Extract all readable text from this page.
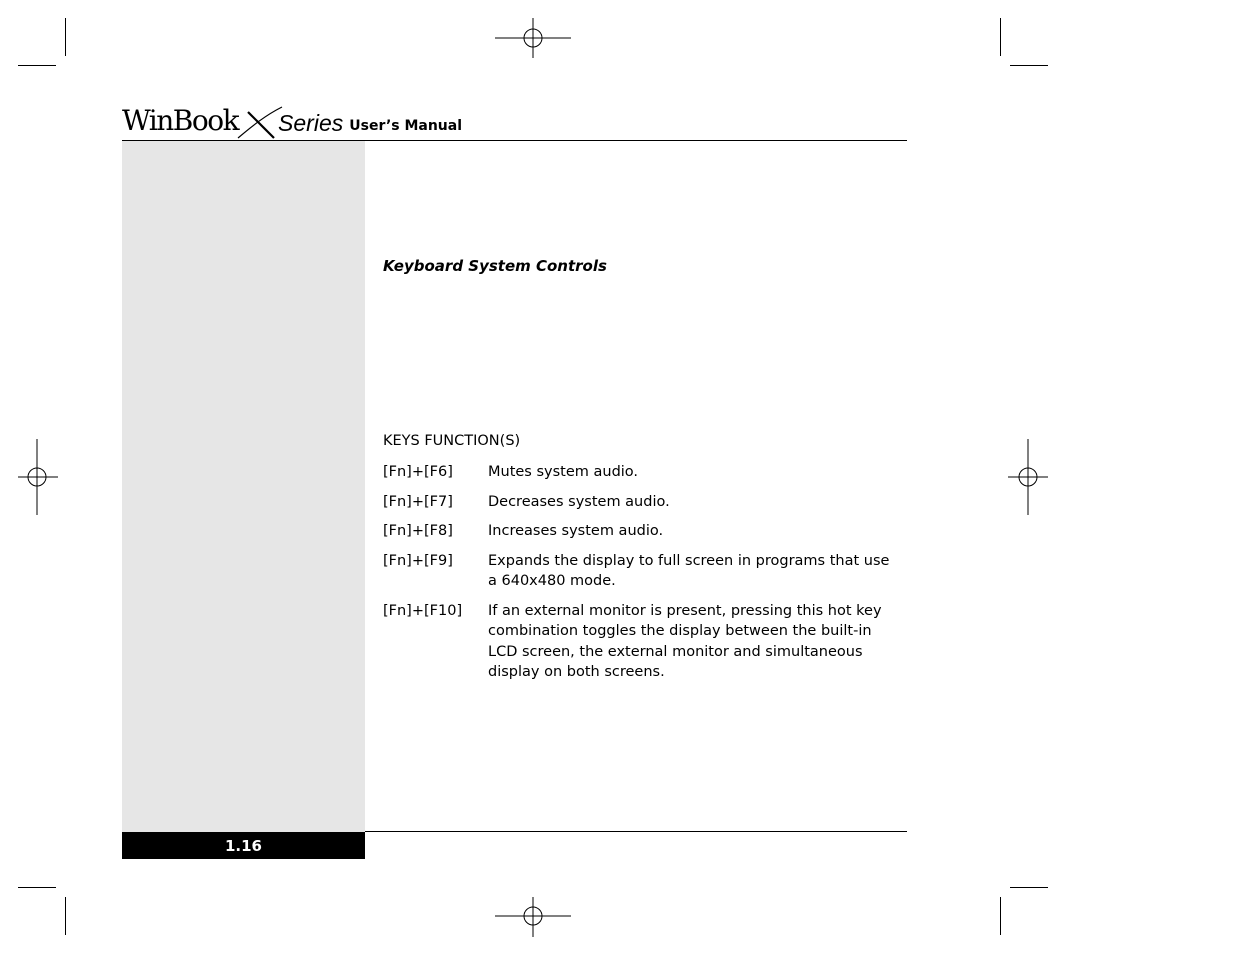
WinBook Series User’s Manual
Keyboard System Controls
KEYS FUNCTION(S)
[Fn]+[F6]	Mutes system audio.
[Fn]+[F7]	Decreases system audio.
[Fn]+[F8]	Increases system audio.
[Fn]+[F9]	Expands the display to full screen in programs that use a 640x480 mode.
[Fn]+[F10]	If an external monitor is present, pressing this hot key combination toggles the display between the built-in LCD screen, the external monitor and simultaneous display on both screens.
1.16
